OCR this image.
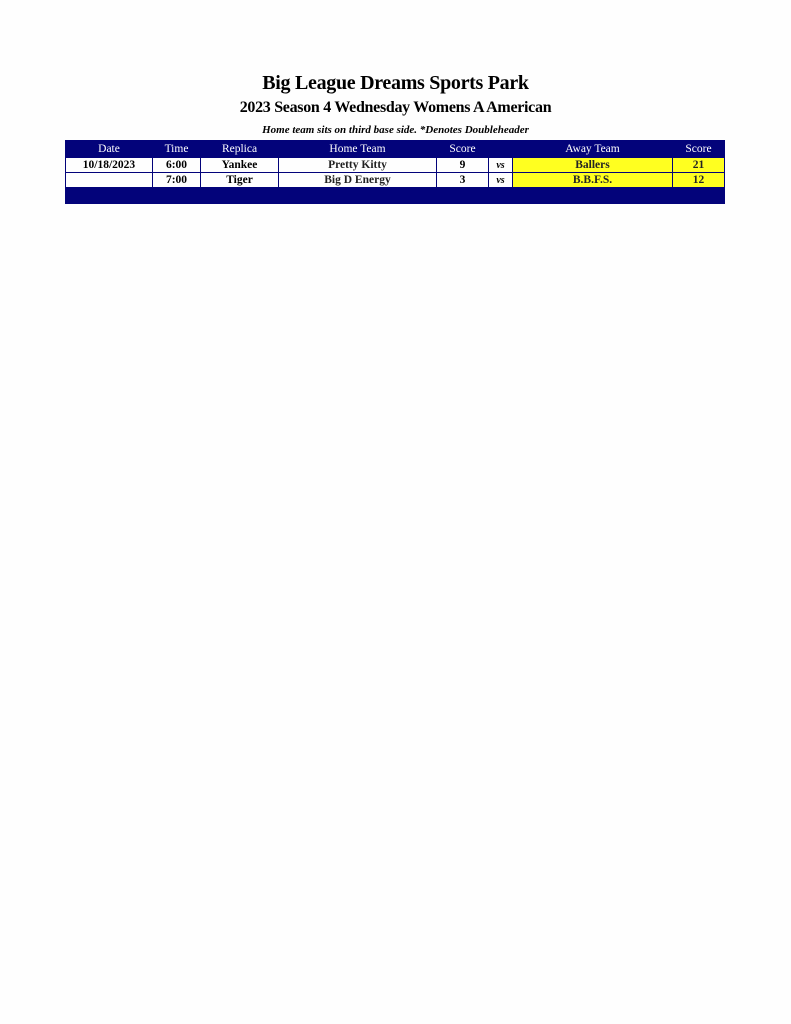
Big League Dreams Sports Park
2023 Season 4 Wednesday Womens A American
Home team sits on third base side. *Denotes Doubleheader
Date	Time	Replica	Home Team	Score		Away Team	Score
10/18/2023	6:00	Yankee	Pretty Kitty	9	vs	Ballers	21
	7:00	Tiger	Big D Energy	3	vs	B.B.F.S.	12
